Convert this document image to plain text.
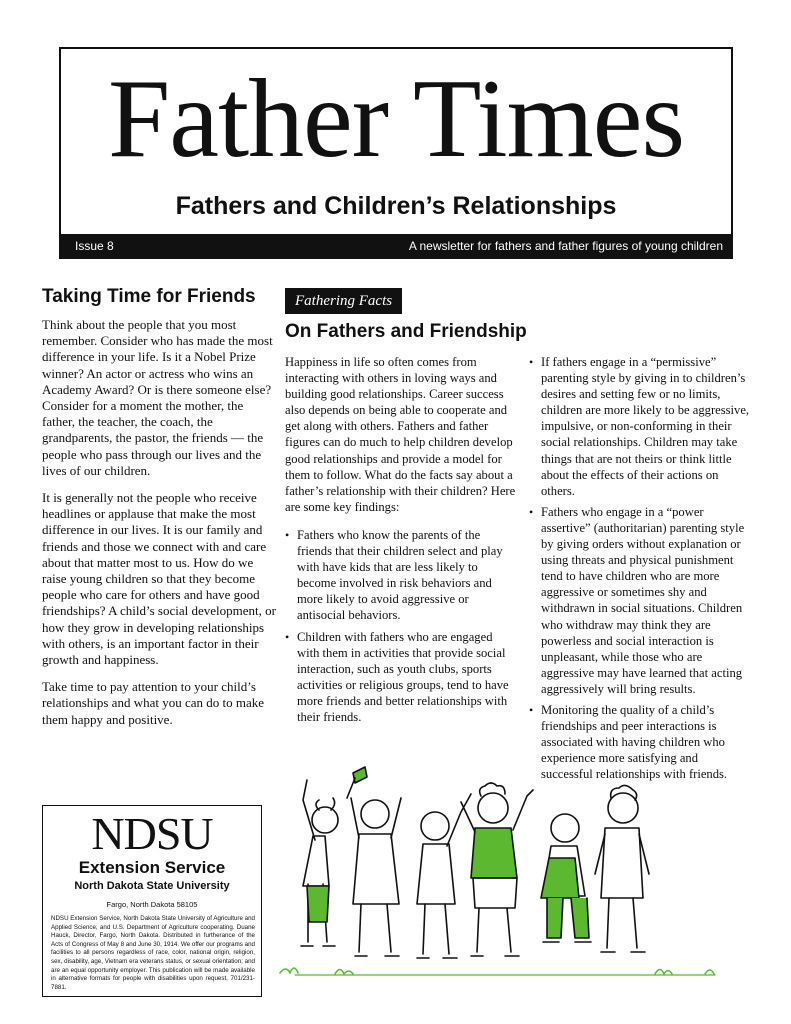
Father Times
Fathers and Children’s Relationships
Issue 8	A newsletter for fathers and father figures of young children
Taking Time for Friends

Think about the people that you most remember. Consider who has made the most difference in your life. Is it a Nobel Prize winner? An actor or actress who wins an Academy Award? Or is there someone else? Consider for a moment the mother, the father, the teacher, the coach, the grandparents, the pastor, the friends — the people who pass through our lives and the lives of our children.

It is generally not the people who receive headlines or applause that make the most difference in our lives. It is our family and friends and those we connect with and care about that matter most to us. How do we raise young children so that they become people who care for others and have good friendships? A child’s social development, or how they grow in developing relationships with others, is an important factor in their growth and happiness.

Take time to pay attention to your child’s relationships and what you can do to make them happy and positive.

Fathering Facts
On Fathers and Friendship

Happiness in life so often comes from interacting with others in loving ways and building good relationships. Career success also depends on being able to cooperate and get along with others. Fathers and father figures can do much to help children develop good relationships and provide a model for them to follow. What do the facts say about a father’s relationship with their children? Here are some key findings:

• Fathers who know the parents of the friends that their children select and play with have kids that are less likely to become involved in risk behaviors and more likely to avoid aggressive or antisocial behaviors.
• Children with fathers who are engaged with them in activities that provide social interaction, such as youth clubs, sports activities or religious groups, tend to have more friends and better relationships with their friends.
• If fathers engage in a “permissive” parenting style by giving in to children’s desires and setting few or no limits, children are more likely to be aggressive, impulsive, or non-conforming in their social relationships. Children may take things that are not theirs or think little about the effects of their actions on others.
• Fathers who engage in a “power assertive” (authoritarian) parenting style by giving orders without explanation or using threats and physical punishment tend to have children who are more aggressive or sometimes shy and withdrawn in social situations. Children who withdraw may think they are powerless and social interaction is unpleasant, while those who are aggressive may have learned that acting aggressively will bring results.
• Monitoring the quality of a child’s friendships and peer interactions is associated with having children who experience more satisfying and successful relationships with friends.
NDSU
Extension Service
North Dakota State University
Fargo, North Dakota 58105
NDSU Extension Service, North Dakota State University of Agriculture and Applied Science, and U.S. Department of Agriculture cooperating. Duane Hauck, Director, Fargo, North Dakota. Distributed in furtherance of the Acts of Congress of May 8 and June 30, 1914. We offer our programs and facilities to all persons regardless of race, color, national origin, religion, sex, disability, age, Vietnam era veterans status, or sexual orientation; and are an equal opportunity employer. This publication will be made available in alternative formats for people with disabilities upon request, 701/231-7881.
